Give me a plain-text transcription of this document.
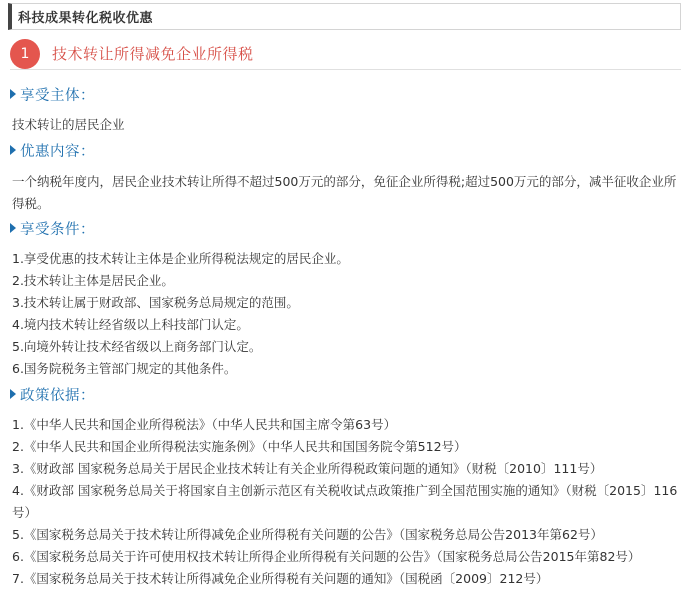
科技成果转化税收优惠
1	技术转让所得减免企业所得税
享受主体：
技术转让的居民企业
优惠内容：
一个纳税年度内，居民企业技术转让所得不超过500万元的部分，免征企业所得税;超过500万元的部分，减半征收企业所得税。
享受条件：
1.享受优惠的技术转让主体是企业所得税法规定的居民企业。
2.技术转让主体是居民企业。
3.技术转让属于财政部、国家税务总局规定的范围。
4.境内技术转让经省级以上科技部门认定。
5.向境外转让技术经省级以上商务部门认定。
6.国务院税务主管部门规定的其他条件。
政策依据：
1.《中华人民共和国企业所得税法》（中华人民共和国主席令第63号）
2.《中华人民共和国企业所得税法实施条例》（中华人民共和国国务院令第512号）
3.《财政部 国家税务总局关于居民企业技术转让有关企业所得税政策问题的通知》（财税〔2010〕111号）
4.《财政部 国家税务总局关于将国家自主创新示范区有关税收试点政策推广到全国范围实施的通知》（财税〔2015〕116号）
5.《国家税务总局关于技术转让所得减免企业所得税有关问题的公告》（国家税务总局公告2013年第62号）
6.《国家税务总局关于许可使用权技术转让所得企业所得税有关问题的公告》（国家税务总局公告2015年第82号）
7.《国家税务总局关于技术转让所得减免企业所得税有关问题的通知》（国税函〔2009〕212号）
